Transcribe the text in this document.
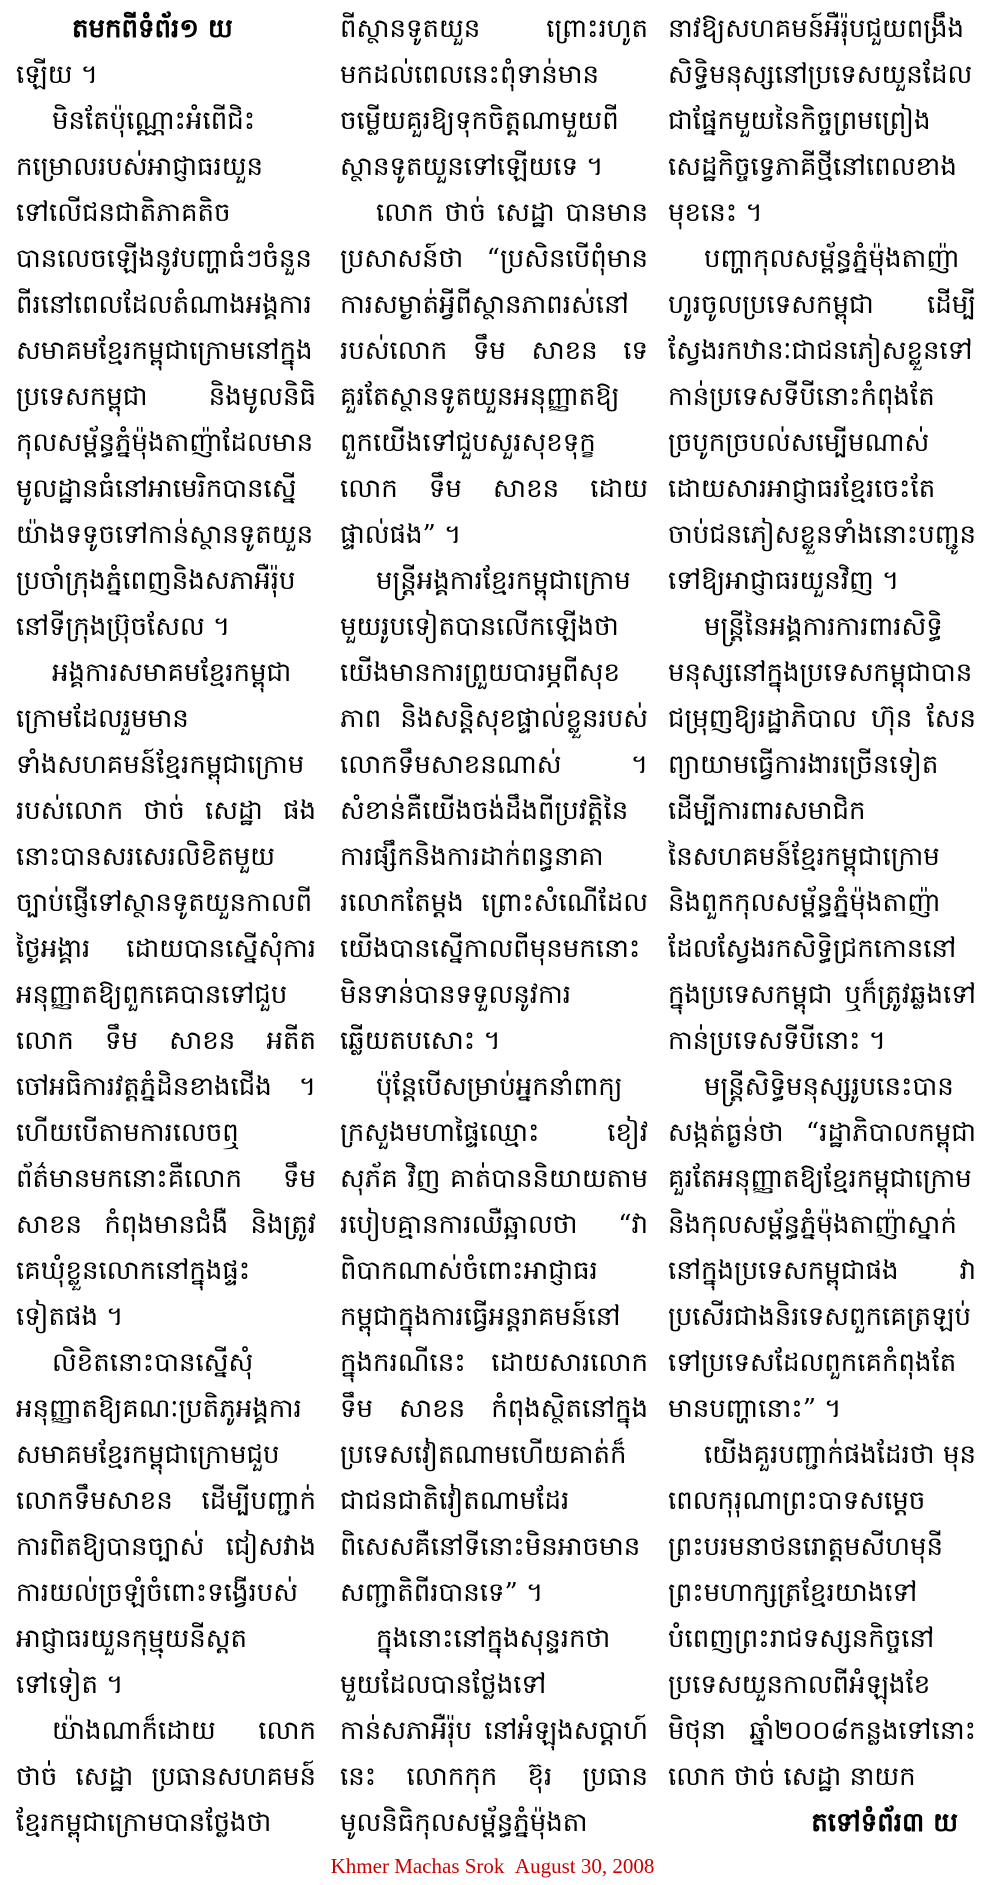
តមកពីទំព័រ១ យ

ឡើយ ។

មិនតែប៉ុណ្ណោះអំពើជិះកម្រោលរបស់អាជ្ញាធរយួនទៅលើជនជាតិភាគតិចបានលេចឡើងនូវបញ្ហាធំៗចំនួនពីរនៅពេលដែលតំណាងអង្គការសមាគមខ្មែរកម្ពុជាក្រោមនៅក្នុងប្រទេសកម្ពុជា និងមូលនិធិកុលសម្ព័ន្ធភ្នំម៉ុងតាញ៉ាដែលមានមូលដ្ឋានធំនៅអាមេរិកបានស្នើយ៉ាងទទូចទៅកាន់ស្ថានទូតយួនប្រចាំក្រុងភ្នំពេញនិងសភាអឺរ៉ុបនៅទីក្រុងប្រ៊ុចសែល ។

អង្គការសមាគមខ្មែរកម្ពុជាក្រោមដែលរួមមានទាំងសហគមន៍ខ្មែរកម្ពុជាក្រោមរបស់លោក ថាច់ សេដ្ឋា ផងនោះបានសរសេរលិខិតមួយច្បាប់ផ្ញើទៅស្ថានទូតយួនកាលពីថ្ងៃអង្គារ ដោយបានស្នើសុំការអនុញ្ញាតឱ្យពួកគេបានទៅជួបលោក ទឹម សាខន អតីតចៅអធិការវត្តភ្នំដិនខាងជើង ។ ហើយបើតាមការលេចឮព័ត៌មានមកនោះគឺលោក ទឹម សាខន កំពុងមានជំងឺ និងត្រូវគេឃុំខ្លួនលោកនៅក្នុងផ្ទះទៀតផង ។

លិខិតនោះបានស្នើសុំអនុញ្ញាតឱ្យគណៈប្រតិភូអង្គការសមាគមខ្មែរកម្ពុជាក្រោមជួបលោកទឹមសាខន ដើម្បីបញ្ជាក់ការពិតឱ្យបានច្បាស់ ជៀសវាងការយល់ច្រឡំចំពោះទង្វើរបស់អាជ្ញាធរយួនកុម្មុយនីស្តតទៅទៀត ។

យ៉ាងណាក៏ដោយ លោក ថាច់ សេដ្ឋា ប្រធានសហគមន៍ខ្មែរកម្ពុជាក្រោមបានថ្លែងថា

ពីស្ថានទូតយួន ព្រោះរហូតមកដល់ពេលនេះពុំទាន់មានចម្លើយគួរឱ្យទុកចិត្តណាមួយពីស្ថានទូតយួនទៅឡើយទេ ។

លោក ថាច់ សេដ្ឋា បានមានប្រសាសន៍ថា “ប្រសិនបើពុំមានការសម្ងាត់អ្វីពីស្ថានភាពរស់នៅរបស់លោក ទឹម សាខន ទេ គួរតែស្ថានទូតយួនអនុញ្ញាតឱ្យពួកយើងទៅជួបសួរសុខទុក្ខលោក ទឹម សាខន ដោយផ្ទាល់ផង” ។

មន្ត្រីអង្គការខ្មែរកម្ពុជាក្រោមមួយរូបទៀតបានលើកឡើងថា យើងមានការព្រួយបារម្ភពីសុខភាព និងសន្តិសុខផ្ទាល់ខ្លួនរបស់លោកទឹមសាខនណាស់ ។ សំខាន់គឺយើងចង់ដឹងពីប្រវត្តិនៃការផ្សឹកនិងការដាក់ពន្ធនាគារលោកតែម្តង ព្រោះសំណើដែលយើងបានស្នើកាលពីមុនមកនោះ មិនទាន់បានទទួលនូវការឆ្លើយតបសោះ ។

ប៉ុន្តែបើសម្រាប់អ្នកនាំពាក្យក្រសួងមហាផ្ទៃឈ្មោះ ខៀវ សុភ័គ វិញ គាត់បាននិយាយតាមរបៀបគ្មានការឈឺឆ្អាលថា “វាពិបាកណាស់ចំពោះអាជ្ញាធរកម្ពុជាក្នុងការធ្វើអន្តរាគមន៍នៅក្នុងករណីនេះ ដោយសារលោក ទឹម សាខន កំពុងស្ថិតនៅក្នុងប្រទេសវៀតណាមហើយគាត់ក៏ជាជនជាតិវៀតណាមដែរ ពិសេសគឺនៅទីនោះមិនអាចមានសញ្ជាតិពីរបានទេ” ។

ក្នុងនោះនៅក្នុងសុន្ទរកថាមួយដែលបានថ្លែងទៅកាន់សភាអឺរ៉ុប នៅអំឡុងសប្តាហ៍នេះ លោកកុក ខ៊ុរ ប្រធានមូលនិធិកុលសម្ព័ន្ធភ្នំម៉ុងតា

នាវឱ្យសហគមន៍អឺរ៉ុបជួយពង្រឹងសិទ្ធិមនុស្សនៅប្រទេសយួនដែលជាផ្នែកមួយនៃកិច្ចព្រមព្រៀងសេដ្ឋកិច្ចទ្វេភាគីថ្មីនៅពេលខាងមុខនេះ ។

បញ្ហាកុលសម្ព័ន្ធភ្នំម៉ុងតាញ៉ាហូរចូលប្រទេសកម្ពុជា ដើម្បីស្វែងរកឋានៈជាជនភៀសខ្លួនទៅកាន់ប្រទេសទីបីនោះកំពុងតែច្របូកច្របល់សម្បើមណាស់ ដោយសារអាជ្ញាធរខ្មែរចេះតែចាប់ជនភៀសខ្លួនទាំងនោះបញ្ជូនទៅឱ្យអាជ្ញាធរយួនវិញ ។

មន្ត្រីនៃអង្គការការពារសិទ្ធិមនុស្សនៅក្នុងប្រទេសកម្ពុជាបានជម្រុញឱ្យរដ្ឋាភិបាល ហ៊ុន សែនព្យាយាមធ្វើការងារច្រើនទៀតដើម្បីការពារសមាជិកនៃសហគមន៍ខ្មែរកម្ពុជាក្រោម និងពួកកុលសម្ព័ន្ធភ្នំម៉ុងតាញ៉ាដែលស្វែងរកសិទ្ធិជ្រកកោននៅក្នុងប្រទេសកម្ពុជា ឬក៏ត្រូវឆ្លងទៅកាន់ប្រទេសទីបីនោះ ។

មន្ត្រីសិទ្ធិមនុស្សរូបនេះបានសង្កត់ធ្ងន់ថា “រដ្ឋាភិបាលកម្ពុជាគួរតែអនុញ្ញាតឱ្យខ្មែរកម្ពុជាក្រោមនិងកុលសម្ព័ន្ធភ្នំម៉ុងតាញ៉ាស្នាក់នៅក្នុងប្រទេសកម្ពុជាផង វាប្រសើរជាងនិរទេសពួកគេត្រឡប់ទៅប្រទេសដែលពួកគេកំពុងតែមានបញ្ហានោះ” ។

យើងគួរបញ្ជាក់ផងដែរថា មុនពេលកុរុណាព្រះបាទសម្តេចព្រះបរមនាថនរោត្តមសីហមុនីព្រះមហាក្សត្រខ្មែរយាងទៅបំពេញព្រះរាជទស្សនកិច្ចនៅប្រទេសយួនកាលពីអំឡុងខែមិថុនា ឆ្នាំ២០០៨កន្លងទៅនោះ លោក ថាច់ សេដ្ឋា នាយក

តទៅទំព័រ៣ យ

Khmer Machas Srok August 30, 2008
